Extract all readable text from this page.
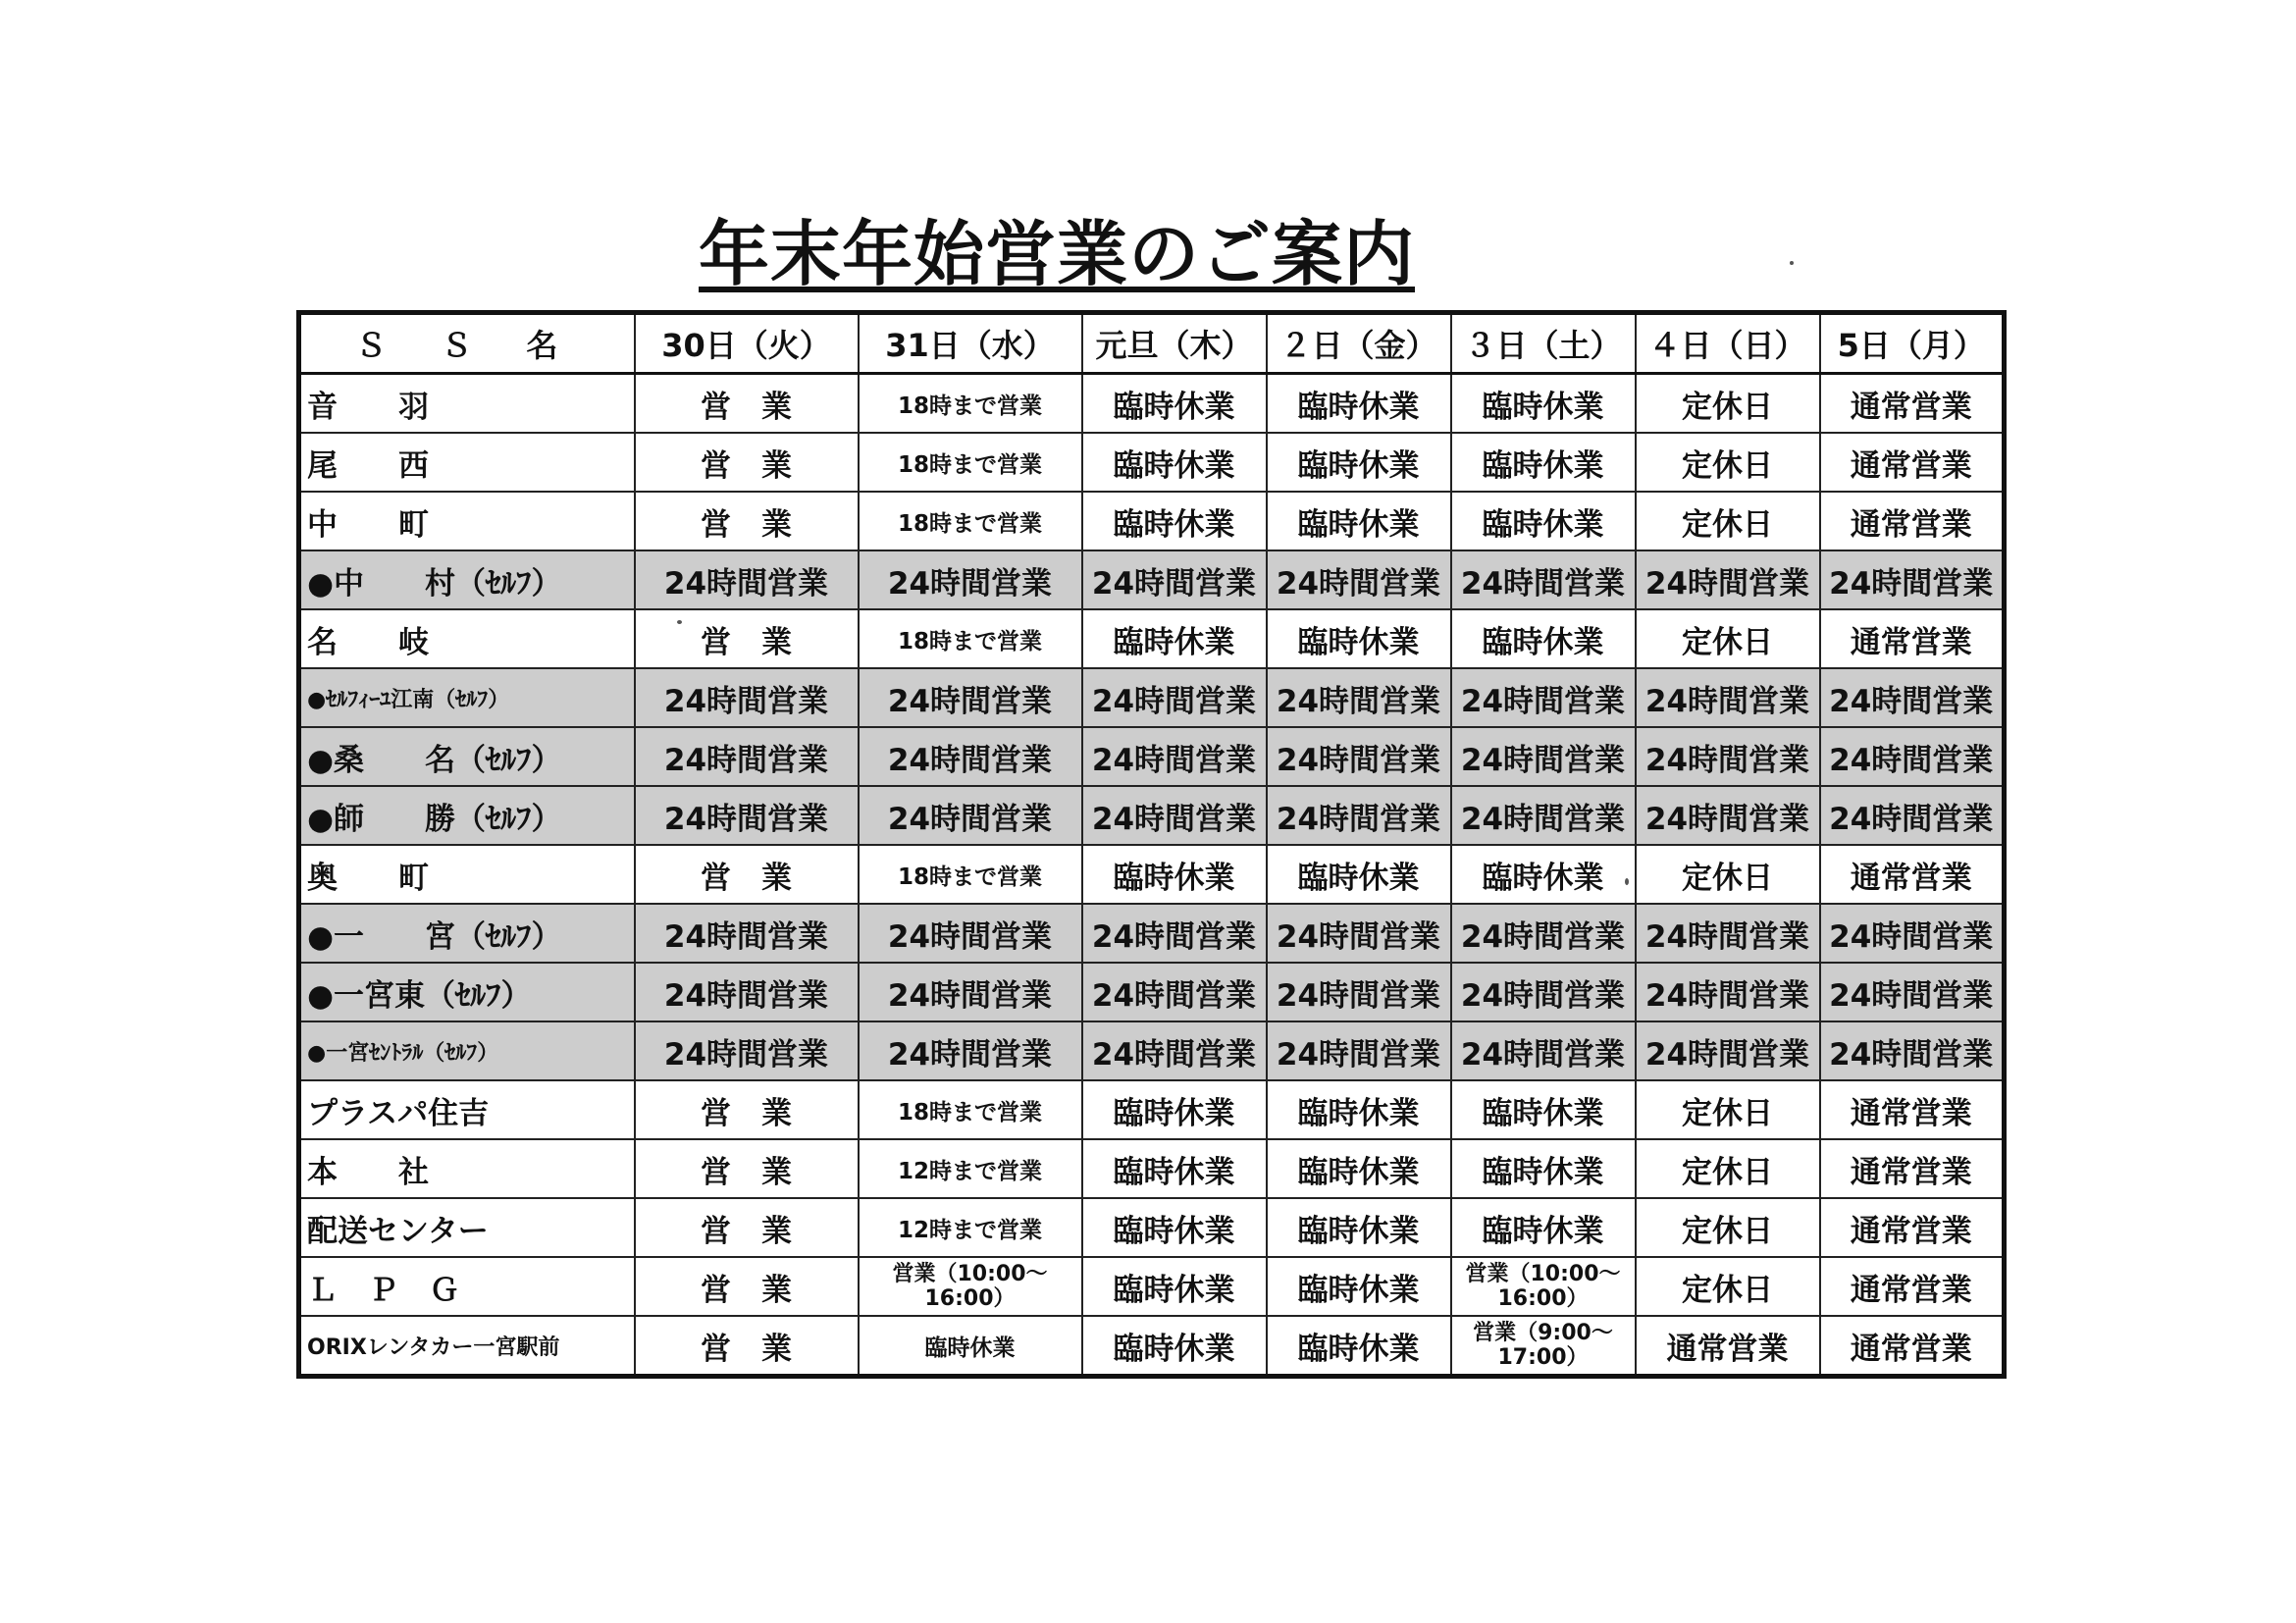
年末年始営業のご案内
Ｓ Ｓ 名	30日（火）	31日（水）	元旦（木）	２日（金）	３日（土）	４日（日）	5日（月）
音　　羽	営　業	18時まで営業	臨時休業	臨時休業	臨時休業	定休日	通常営業
尾　　西	営　業	18時まで営業	臨時休業	臨時休業	臨時休業	定休日	通常営業
中　　町	営　業	18時まで営業	臨時休業	臨時休業	臨時休業	定休日	通常営業
●中　　村（ｾﾙﾌ）	24時間営業	24時間営業	24時間営業	24時間営業	24時間営業	24時間営業	24時間営業
名　　岐	営　業	18時まで営業	臨時休業	臨時休業	臨時休業	定休日	通常営業
●ｾﾙﾌｨｰﾕ江南（ｾﾙﾌ）	24時間営業	24時間営業	24時間営業	24時間営業	24時間営業	24時間営業	24時間営業
●桑　　名（ｾﾙﾌ）	24時間営業	24時間営業	24時間営業	24時間営業	24時間営業	24時間営業	24時間営業
●師　　勝（ｾﾙﾌ）	24時間営業	24時間営業	24時間営業	24時間営業	24時間営業	24時間営業	24時間営業
奥　　町	営　業	18時まで営業	臨時休業	臨時休業	臨時休業	定休日	通常営業
●一　　宮（ｾﾙﾌ）	24時間営業	24時間営業	24時間営業	24時間営業	24時間営業	24時間営業	24時間営業
●一宮東（ｾﾙﾌ）	24時間営業	24時間営業	24時間営業	24時間営業	24時間営業	24時間営業	24時間営業
●一宮ｾﾝﾄﾗﾙ（ｾﾙﾌ）	24時間営業	24時間営業	24時間営業	24時間営業	24時間営業	24時間営業	24時間営業
プラスパ住吉	営　業	18時まで営業	臨時休業	臨時休業	臨時休業	定休日	通常営業
本　　社	営　業	12時まで営業	臨時休業	臨時休業	臨時休業	定休日	通常営業
配送センター	営　業	12時まで営業	臨時休業	臨時休業	臨時休業	定休日	通常営業
Ｌ　Ｐ　Ｇ	営　業	営業（10:00～16:00）	臨時休業	臨時休業	営業（10:00～16:00）	定休日	通常営業
ORIXレンタカー一宮駅前	営　業	臨時休業	臨時休業	臨時休業	営業（9:00～17:00）	通常営業	通常営業
